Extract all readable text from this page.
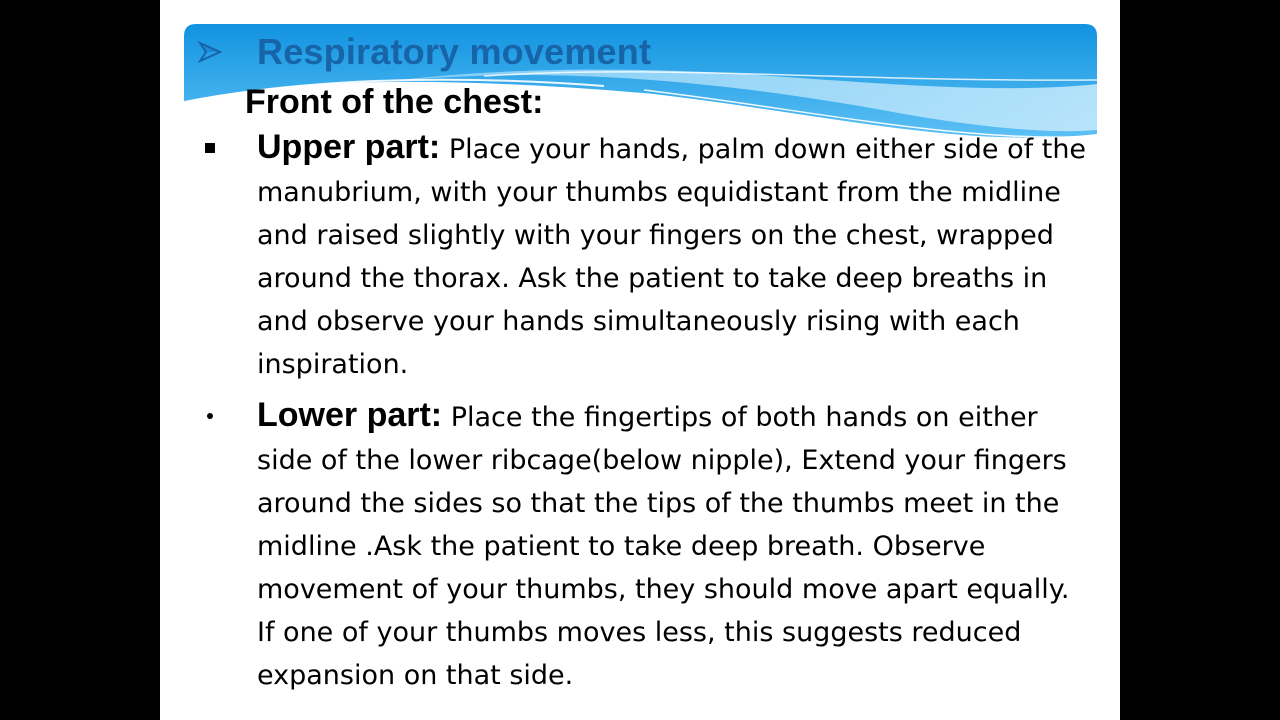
Respiratory movement
Front of the chest:
Upper part: Place your hands, palm down either side of the manubrium, with your thumbs equidistant from the midline and raised slightly with your fingers on the chest, wrapped around the thorax. Ask the patient to take deep breaths in and observe your hands simultaneously rising with each inspiration.
Lower part: Place the fingertips of both hands on either side of the lower ribcage(below nipple), Extend your fingers around the sides so that the tips of the thumbs meet in the midline .Ask the patient to take deep breath. Observe movement of your thumbs, they should move apart equally. If one of your thumbs moves less, this suggests reduced expansion on that side.
